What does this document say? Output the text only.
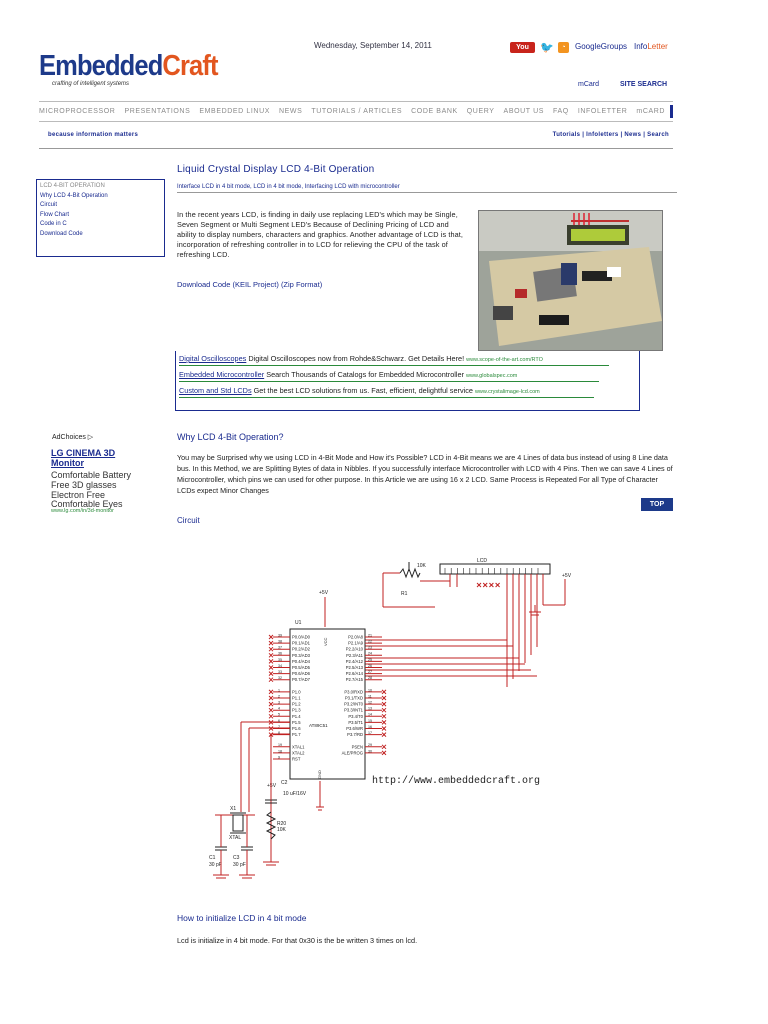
EmbeddedCraft
crafting of intelligent systems
Wednesday, September 14, 2011	You Tube
🐦	◔	GoogleGroups InfoLetter
mCard	SITE SEARCH
MICROPROCESSOR PRESENTATIONS EMBEDDED LINUX NEWS TUTORIALS / ARTICLES CODE BANK QUERY ABOUT US FAQ INFOLETTER mCARD
because information matters	Tutorials | Infoletters | News | Search
LCD 4-BIT OPERATION
Why LCD 4-Bit Operation
Circuit
Flow Chart
Code in C
Download Code
AdChoices ▷
LG CINEMA 3D Monitor
Comfortable Battery
Free 3D glasses
Electron Free
Comfortable Eyes
www.lg.com/in/3d-monitor
Liquid Crystal Display LCD 4-Bit Operation
Interface LCD in 4 bit mode, LCD in 4 bit mode, Interfacing LCD with microcontroller
In the recent years LCD, is finding in daily use replacing LED's which may be Single, Seven Segment or Multi Segment LED's Because of Declining Pricing of LCD and ability to display numbers, characters and graphics. Another advantage of LCD is that, incorporation of refreshing controller in to LCD for relieving the CPU of the task of refreshing LCD.
Download Code (KEIL Project) (Zip Format)
Digital Oscilloscopes Digital Oscilloscopes now from Rohde&Schwarz. Get Details Here! www.scope-of-the-art.com/RTO
Embedded Microcontroller Search Thousands of Catalogs for Embedded Microcontroller www.globalspec.com
Custom and Std LCDs Get the best LCD solutions from us. Fast, efficient, delightful service www.crystalimage-lcd.com
Why LCD 4-Bit Operation?
You may be Surprised why we using LCD in 4-Bit Mode and How it's Possible? LCD in 4-Bit means we are 4 Lines of data bus instead of using 8 Line data bus. In this Method, we are Splitting Bytes of data in Nibbles. If you successfully interface Microcontroller with LCD with 4 Pins. Then we can save 4 Lines of Microcontroller, which pins we can used for other purpose. In this Article we are using 16 x 2 LCD. Same Process is Repeated For all Type of Character LCDs expect Minor Changes
TOP
Circuit
P0.0/AD0
39
P0.1/AD1
38
P0.2/AD2
37
P0.3/AD3
36
P0.4/AD4
35
P0.5/AD5
34
P0.6/AD6
33
P0.7/AD7
32
P1.0
1
P1.1
2
P1.2
3
P1.3
4
P1.4
5
P1.5
6
P1.6
7
P1.7
8
XTAL1
19
XTAL2
18
RST
9
P2.0/A8 21
P2.1/A9 22
P2.2/A10 23
P2.3/A11 24
P2.4/A12 25
P2.5/A13 26
P2.6/A14 27
P2.7/A15 28
P3.0/RXD 10
P3.1/TXD 11
P3.2/INT0 12
P3.3/INT1 13
P3.4/T0 14
P3.5/T1 15
P3.6/WR 16
P3.7/RD 17
PSEN 29
ALE/PROG 30
LCD
U1
AT89C51
+5V
+5V
R1
10K
R20
10K
C2
10 uF/16V
+5V
X1
XTAL
C1
30 pF
C3
30 pF
VCC
GND
http://www.embeddedcraft.org
How to initialize LCD in 4 bit mode
Lcd is initialize in 4 bit mode. For that 0x30 is the be written 3 times on lcd.
